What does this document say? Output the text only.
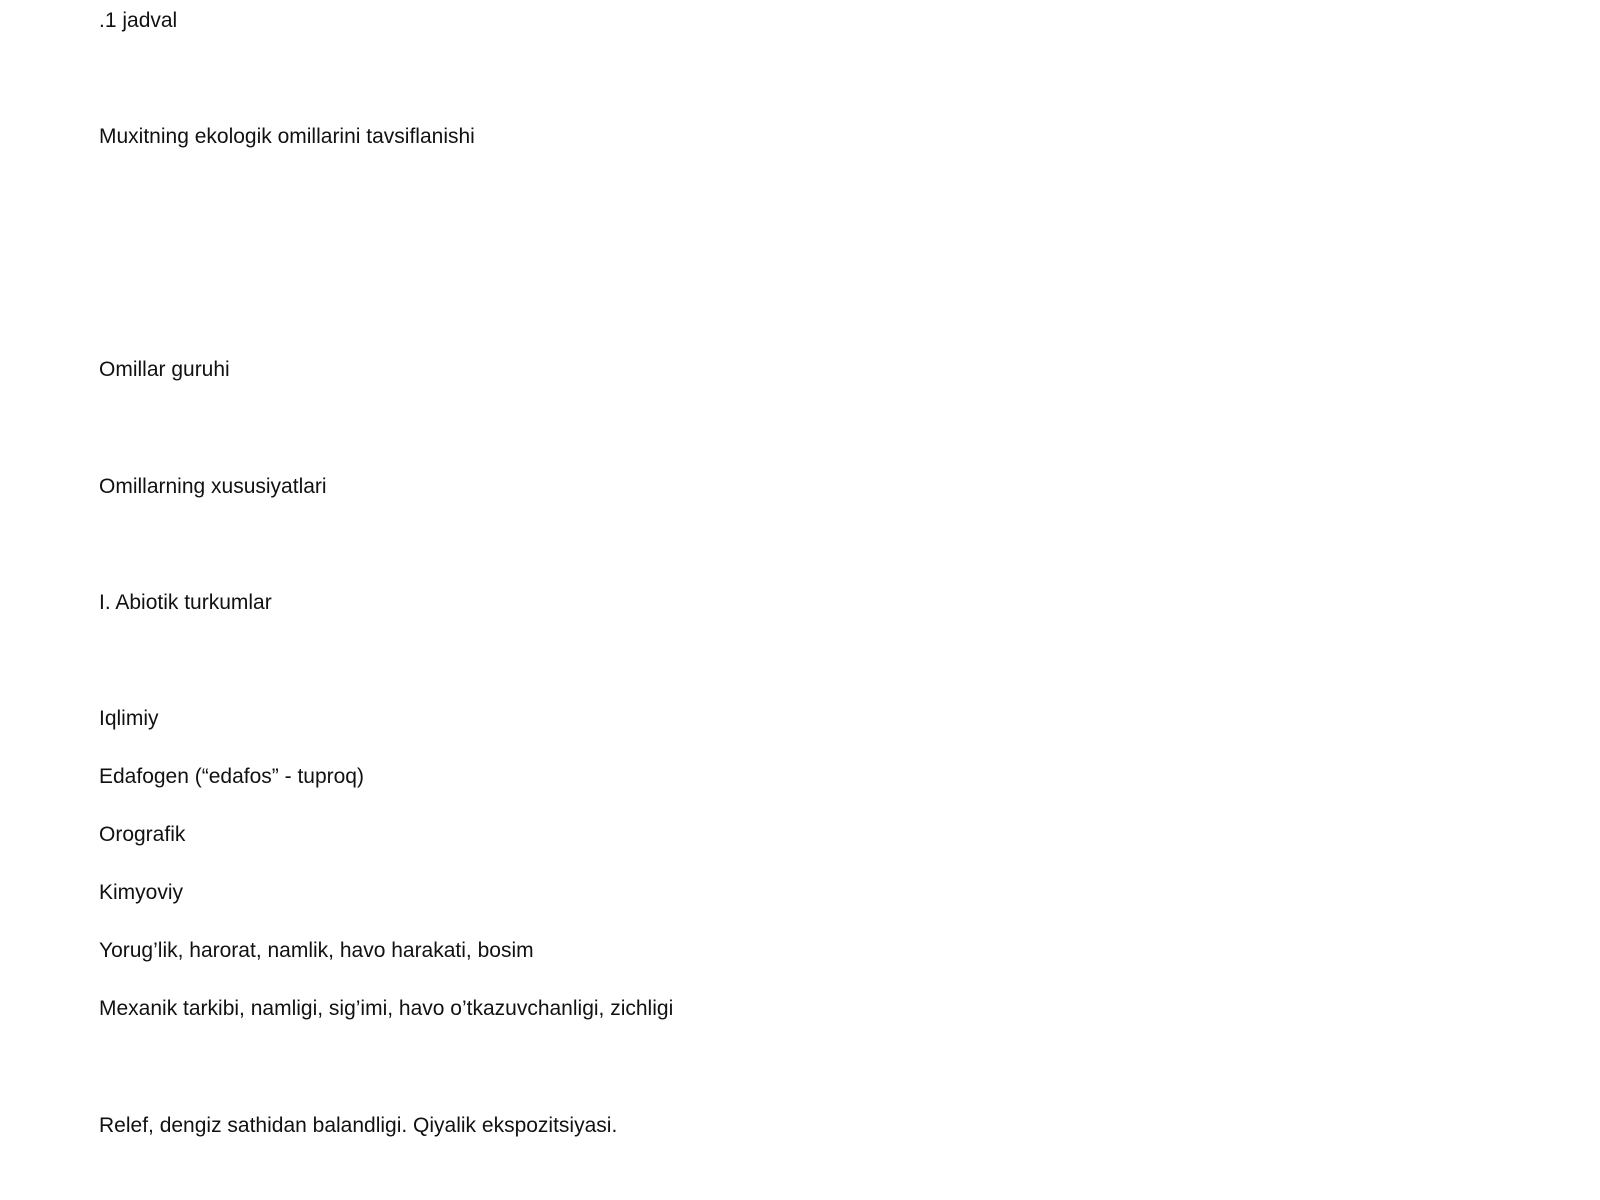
.1 jadval
Muxitning ekologik omillarini tavsiflanishi
Omillar guruhi
Omillarning xususiyatlari
I. Abiotik turkumlar
Iqlimiy
Edafogen (“edafos” - tuproq)
Orografik
Kimyoviy
Yorug’lik, harorat, namlik, havo harakati, bosim
Mexanik tarkibi, namligi, sig’imi, havo o’tkazuvchanligi, zichligi
Relef, dengiz sathidan balandligi. Qiyalik ekspozitsiyasi.
